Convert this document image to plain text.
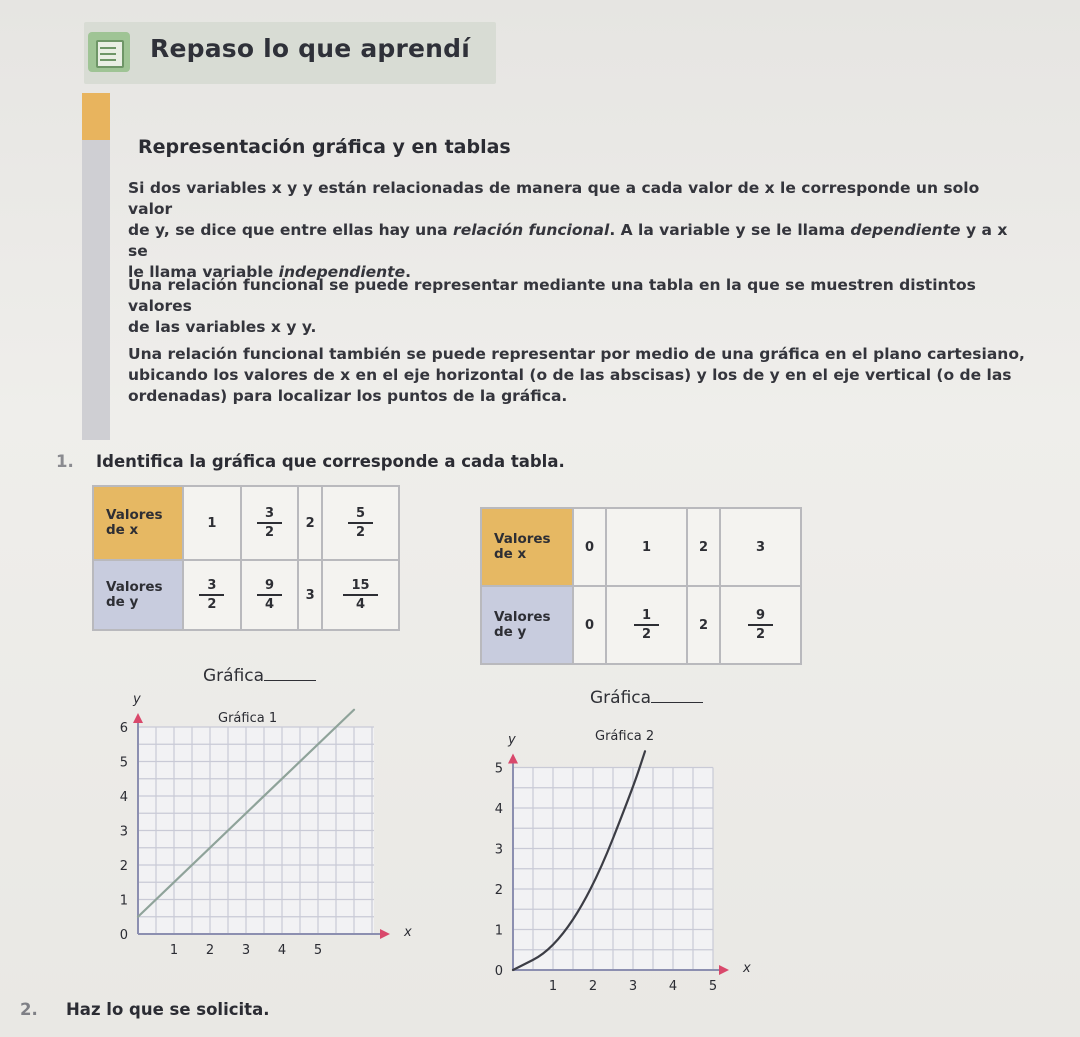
Repaso lo que aprendí
Representación gráfica y en tablas
Si dos variables x y y están relacionadas de manera que a cada valor de x le corresponde un solo valor
de y, se dice que entre ellas hay una relación funcional. A la variable y se le llama dependiente y a x se
le llama variable independiente.
Una relación funcional se puede representar mediante una tabla en la que se muestren distintos valores
de las variables x y y.
Una relación funcional también se puede representar por medio de una gráfica en el plano cartesiano,
ubicando los valores de x en el eje horizontal (o de las abscisas) y los de y en el eje vertical (o de las
ordenadas) para localizar los puntos de la gráfica.
1. Identifica la gráfica que corresponde a cada tabla.
Valores
de x	1	$\frac{3}{2}$	2	$\frac{5}{2}$

Valores
de y	$\frac{3}{2}$	$\frac{9}{4}$	3	$\frac{15}{4}$
Valores
de x	0	1	2	3
Valores
de y	0	$\frac{1}{2}$	2	$\frac{9}{2}$
Gráfica
Gráfica
1 2 3 4 5
0
1
2
3
4
5
6
x
y
Gráfica 1
1 2 3 4 5
0
1
2
3
4
5
x
y	Gráfica 2
2. Haz lo que se solicita.
